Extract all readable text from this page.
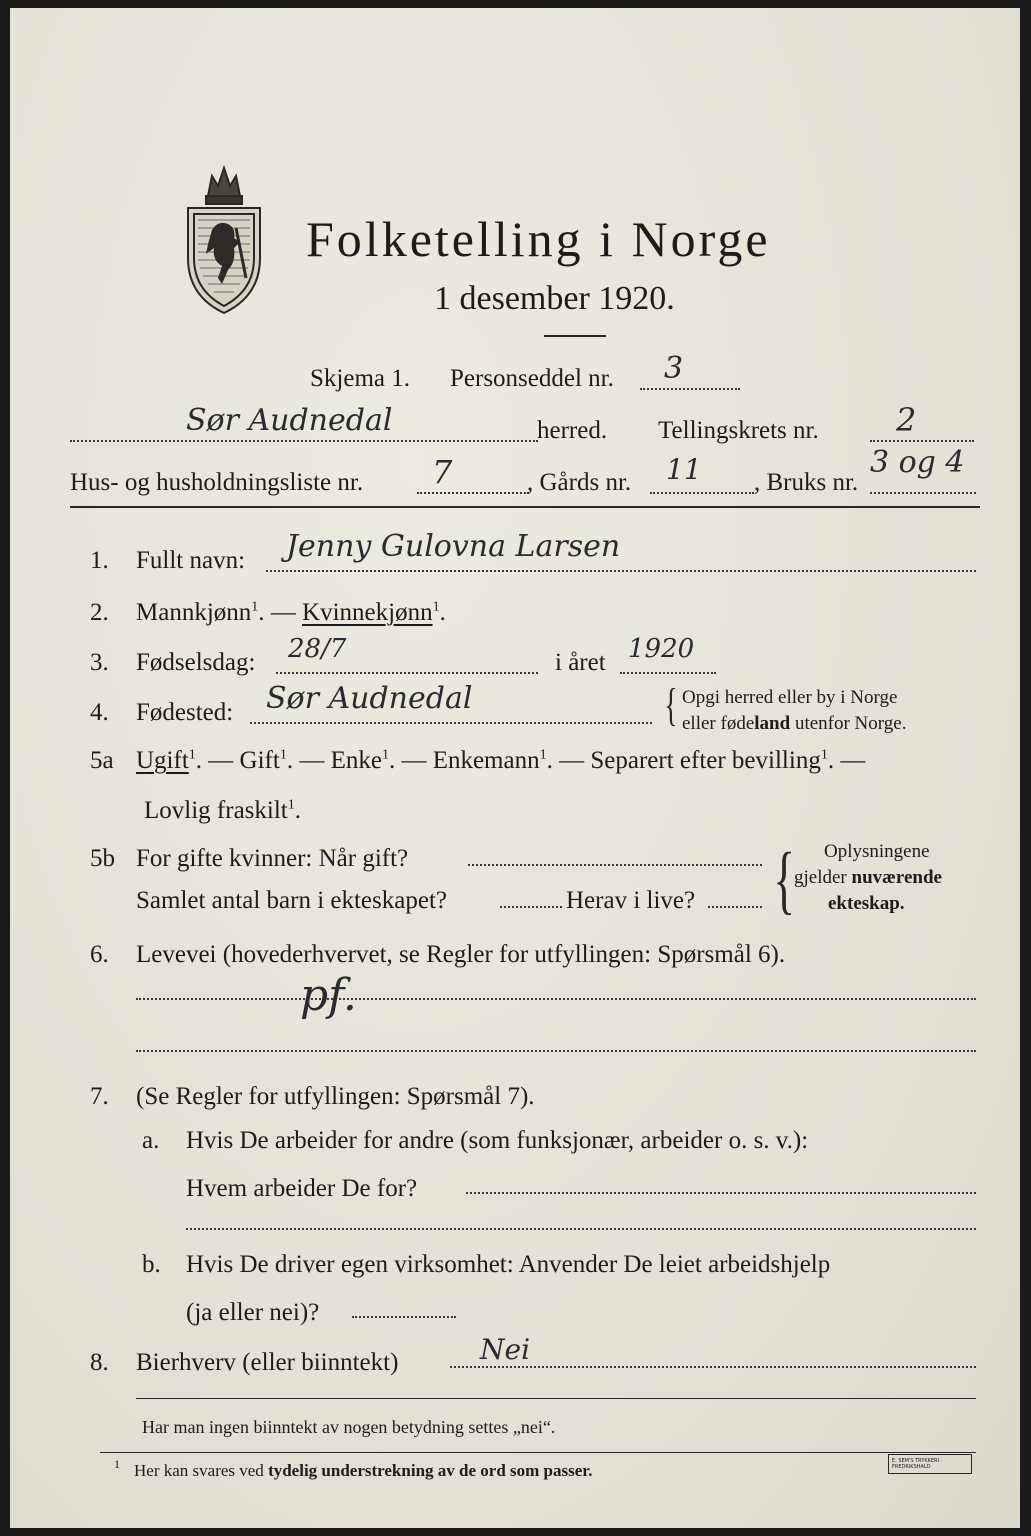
Folketelling i Norge
1 desember 1920.
Skjema 1. Personseddel nr. 3
Sør Audnedal	herred. Tellingskrets nr. 2
Hus- og husholdningsliste nr. 7	, Gårds nr. 11 , Bruks nr.
3 og 4
1. Fullt navn: Jenny Gulovna Larsen
2. Mannkjønn$^1$. — Kvinnekjønn$^1$.
3. Fødselsdag: 28/7	i året 1920
4. Fødested: Sør Audnedal	{ Opgi herred eller by i Norge
eller fødeland utenfor Norge.
5a Ugift$^1$. — Gift$^1$. — Enke$^1$. — Enkemann$^1$. — Separert efter bevilling$^1$. —
Lovlig fraskilt$^1$.
5b For gifte kvinner: Når gift?
Samlet antal barn i ekteskapet?	Herav i live? { Oplysningene
gjelder nuværende
ekteskap.
6. Levevei (hovederhvervet, se Regler for utfyllingen: Spørsmål 6).
pf.
7. (Se Regler for utfyllingen: Spørsmål 7).
a. Hvis De arbeider for andre (som funksjonær, arbeider o. s. v.):
Hvem arbeider De for?
b. Hvis De driver egen virksomhet: Anvender De leiet arbeidshjelp
(ja eller nei)?
8. Bierhverv (eller biinntekt)	Nei
Har man ingen biinntekt av nogen betydning settes „nei“.
1 Her kan svares ved tydelig understrekning av de ord som passer.	E. SEM'S TRYKKERI · FREDRIKSHALD
